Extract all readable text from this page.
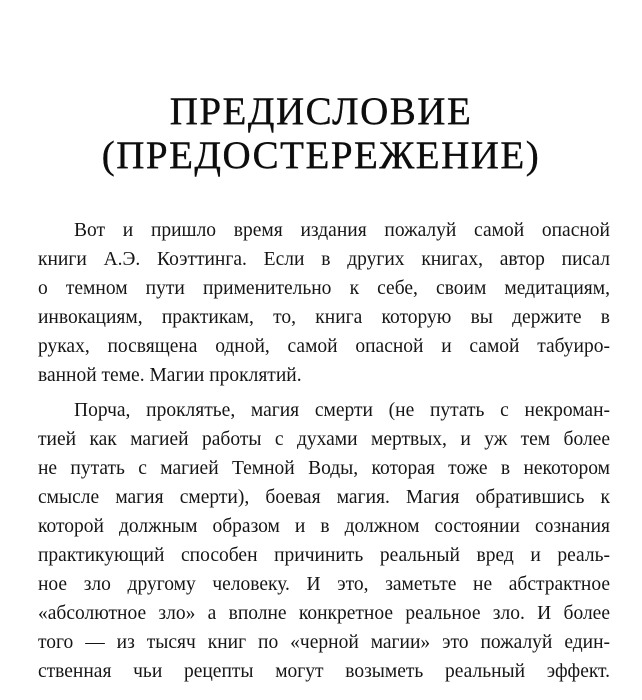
ПРЕДИСЛОВИЕ
(ПРЕДОСТЕРЕЖЕНИЕ)

Вот и пришло время издания пожалуй самой опасной
книги А.Э. Коэттинга. Если в других книгах, автор писал
о темном пути применительно к себе, своим медитациям,
инвокациям, практикам, то, книга которую вы держите в
руках, посвящена одной, самой опасной и самой табуиро-
ванной теме. Магии проклятий.

Порча, проклятье, магия смерти (не путать с некроман-
тией как магией работы с духами мертвых, и уж тем более
не путать с магией Темной Воды, которая тоже в некотором
смысле магия смерти), боевая магия. Магия обратившись к
которой должным образом и в должном состоянии сознания
практикующий способен причинить реальный вред и реаль-
ное зло другому человеку. И это, заметьте не абстрактное
«абсолютное зло» а вполне конкретное реальное зло. И более
того — из тысяч книг по «черной магии» это пожалуй един-
ственная чьи рецепты могут возыметь реальный эффект.
